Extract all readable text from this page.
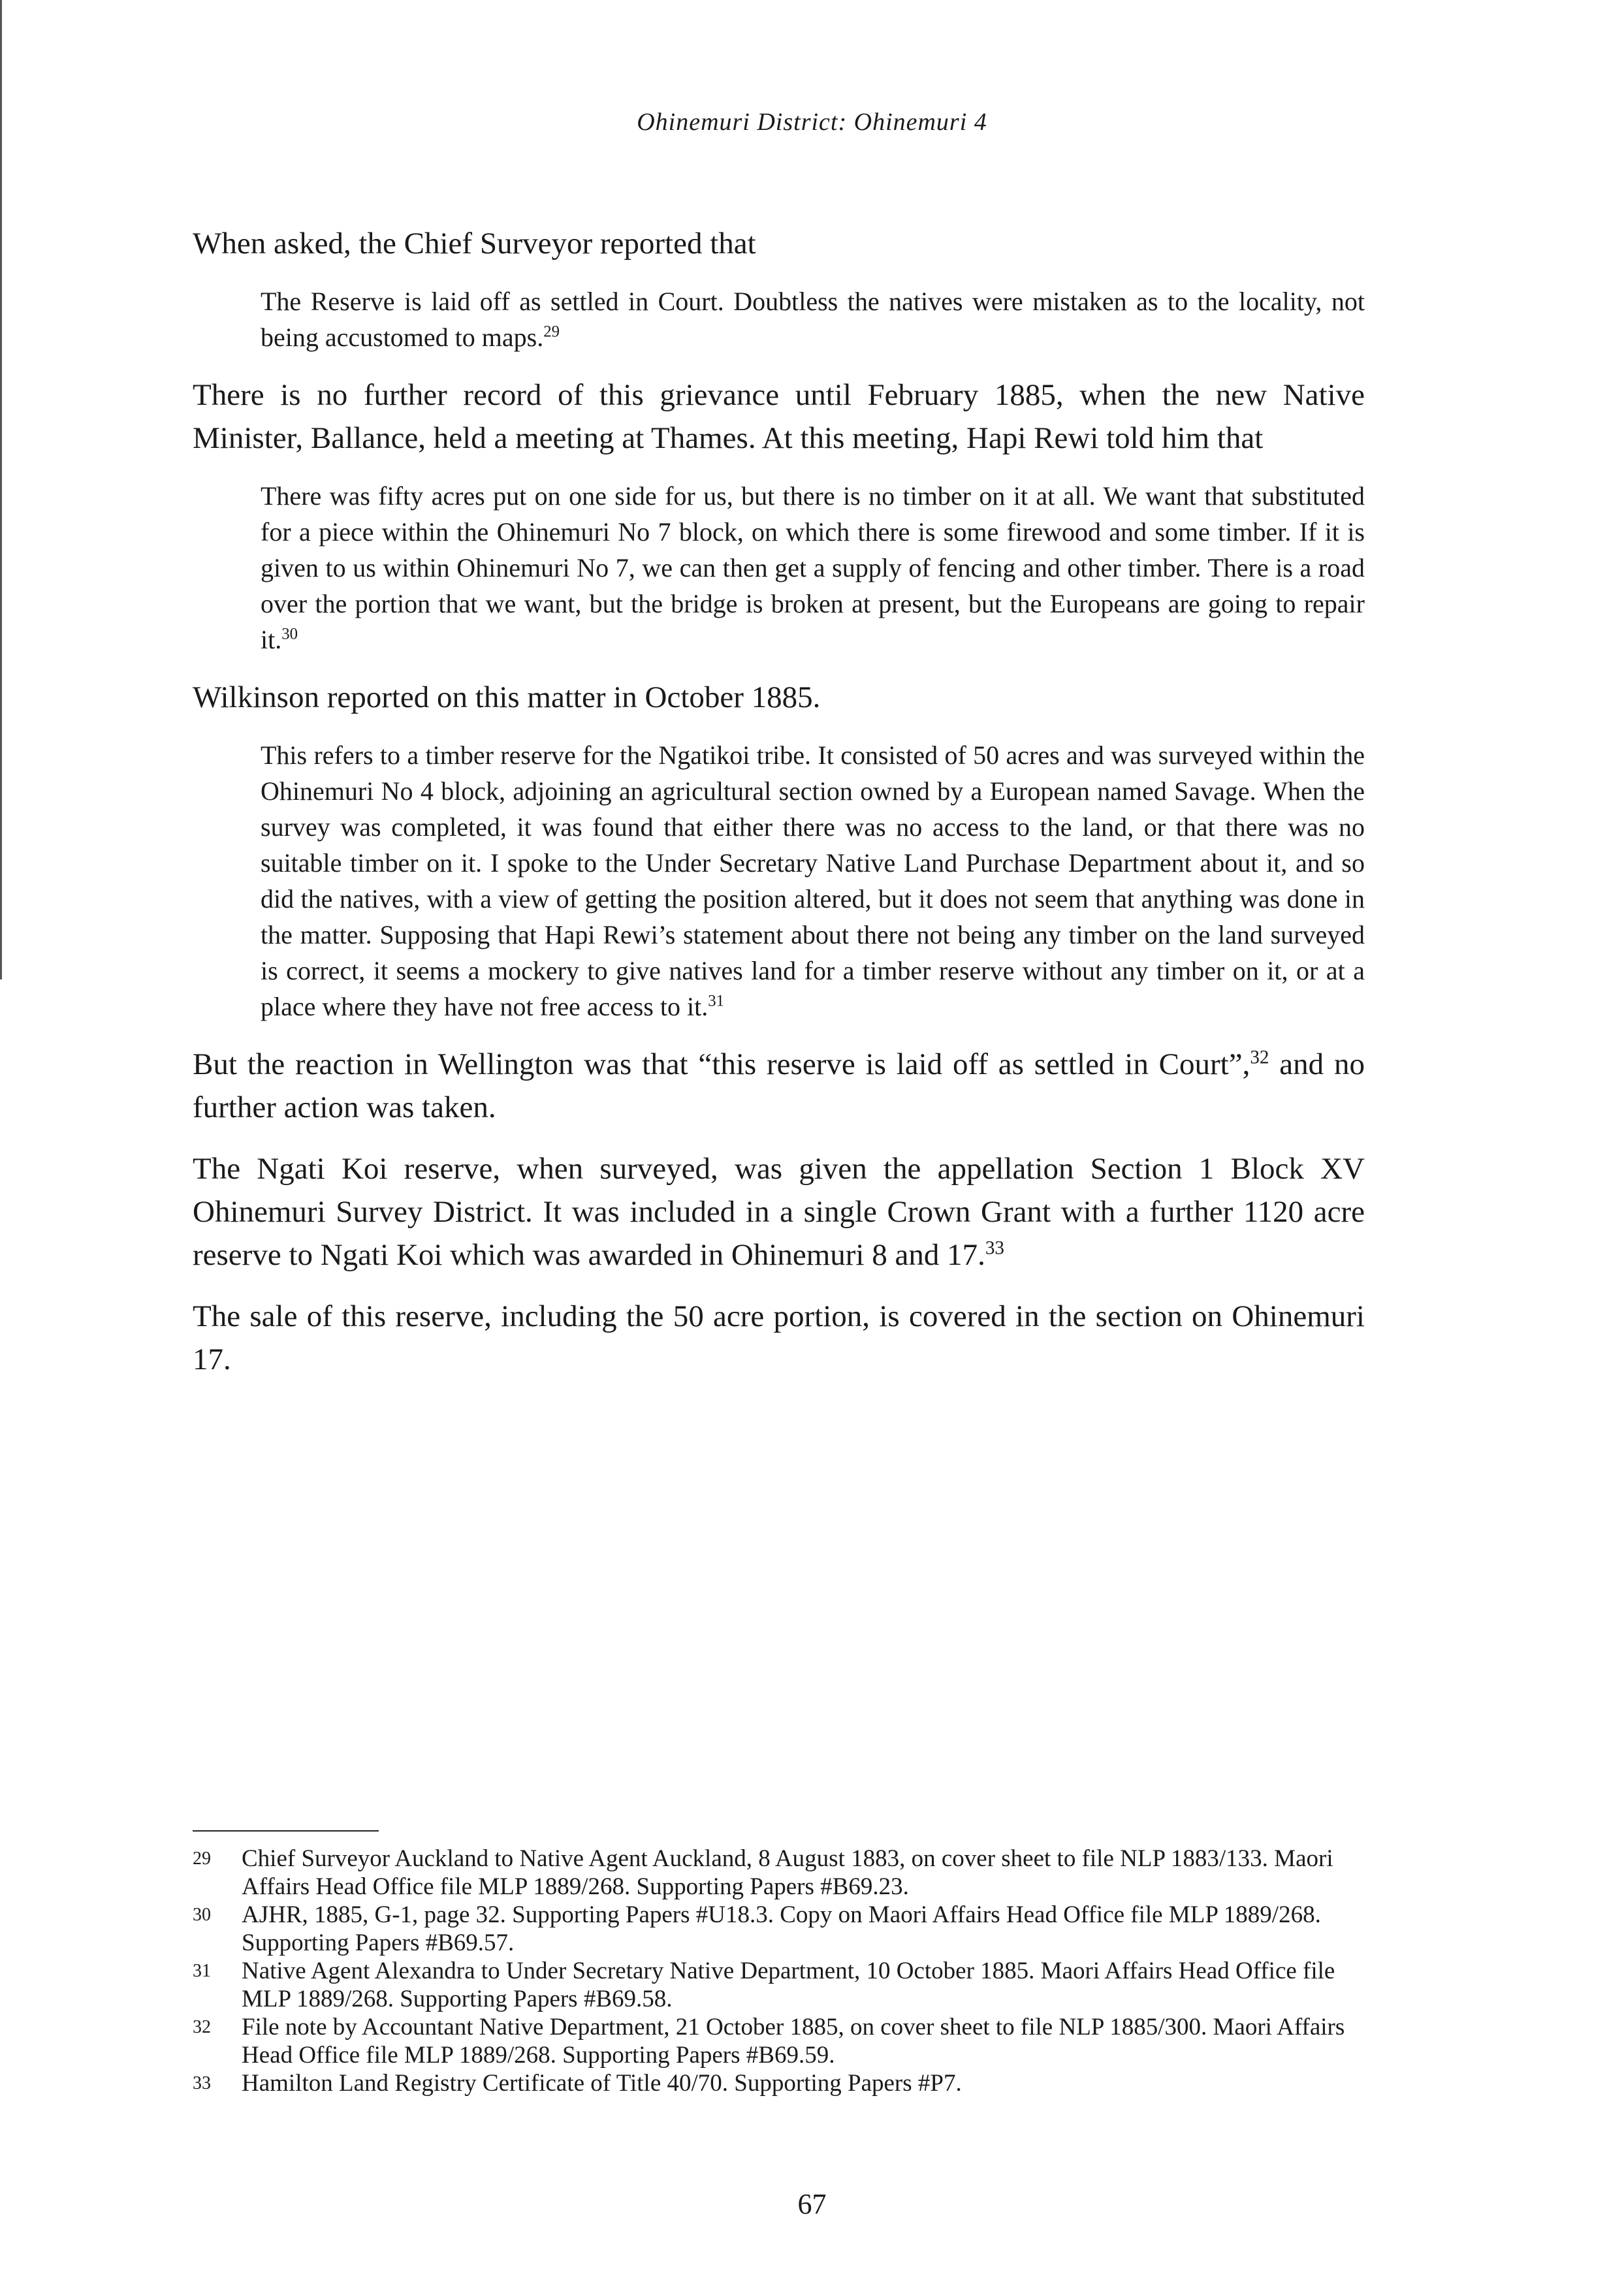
Ohinemuri District: Ohinemuri 4

When asked, the Chief Surveyor reported that

The Reserve is laid off as settled in Court. Doubtless the natives were mistaken as to the locality, not being accustomed to maps.$^{29}$

There is no further record of this grievance until February 1885, when the new Native Minister, Ballance, held a meeting at Thames. At this meeting, Hapi Rewi told him that

There was fifty acres put on one side for us, but there is no timber on it at all. We want that substituted for a piece within the Ohinemuri No 7 block, on which there is some firewood and some timber. If it is given to us within Ohinemuri No 7, we can then get a supply of fencing and other timber. There is a road over the portion that we want, but the bridge is broken at present, but the Europeans are going to repair it.$^{30}$

Wilkinson reported on this matter in October 1885.

This refers to a timber reserve for the Ngatikoi tribe. It consisted of 50 acres and was surveyed within the Ohinemuri No 4 block, adjoining an agricultural section owned by a European named Savage. When the survey was completed, it was found that either there was no access to the land, or that there was no suitable timber on it. I spoke to the Under Secretary Native Land Purchase Department about it, and so did the natives, with a view of getting the position altered, but it does not seem that anything was done in the matter. Supposing that Hapi Rewi’s statement about there not being any timber on the land surveyed is correct, it seems a mockery to give natives land for a timber reserve without any timber on it, or at a place where they have not free access to it.$^{31}$

But the reaction in Wellington was that “this reserve is laid off as settled in Court”,$^{32}$ and no further action was taken.

The Ngati Koi reserve, when surveyed, was given the appellation Section 1 Block XV Ohinemuri Survey District. It was included in a single Crown Grant with a further 1120 acre reserve to Ngati Koi which was awarded in Ohinemuri 8 and 17.33

The sale of this reserve, including the 50 acre portion, is covered in the section on Ohinemuri 17.

29	Chief Surveyor Auckland to Native Agent Auckland, 8 August 1883, on cover sheet to file NLP 1883/133. Maori Affairs Head Office file MLP 1889/268. Supporting Papers #B69.23.
30	AJHR, 1885, G-1, page 32. Supporting Papers #U18.3. Copy on Maori Affairs Head Office file MLP 1889/268. Supporting Papers #B69.57.
31	Native Agent Alexandra to Under Secretary Native Department, 10 October 1885. Maori Affairs Head Office file MLP 1889/268. Supporting Papers #B69.58.
32	File note by Accountant Native Department, 21 October 1885, on cover sheet to file NLP 1885/300. Maori Affairs Head Office file MLP 1889/268. Supporting Papers #B69.59.
33	Hamilton Land Registry Certificate of Title 40/70. Supporting Papers #P7.
67
